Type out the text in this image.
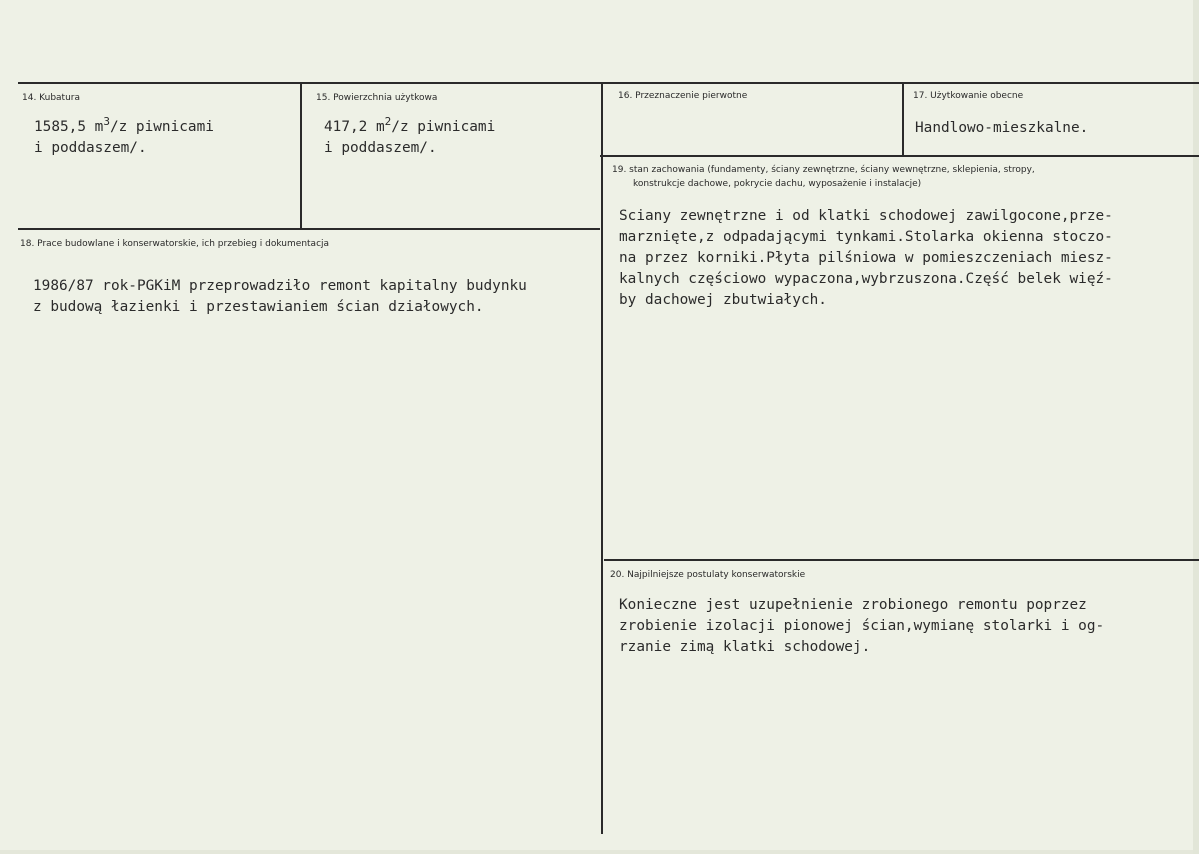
14. Kubatura
1585,5 $m^3/z$ piwnicami
i poddaszem/.
15. Powierzchnia użytkowa
417,2 $m^2/z$ piwnicami
i poddaszem/.
16. Przeznaczenie pierwotne	17. Użytkowanie obecne
Handlowo-mieszkalne.
18. Prace budowlane i konserwatorskie, ich przebieg i dokumentacja
1986/87 rok-PGKiM przeprowadziło remont kapitalny budynku
z budową łazienki i przestawianiem ścian działowych.
19. stan zachowania (fundamenty, ściany zewnętrzne, ściany wewnętrzne, sklepienia, stropy,
konstrukcje dachowe, pokrycie dachu, wyposażenie i instalacje)
Sciany zewnętrzne i od klatki schodowej zawilgocone,prze-
marznięte,z odpadającymi tynkami.Stolarka okienna stoczo-
na przez korniki.Płyta pilśniowa w pomieszczeniach miesz-
kalnych częściowo wypaczona,wybrzuszona.Część belek więź-
by dachowej zbutwiałych.
20. Najpilniejsze postulaty konserwatorskie
Konieczne jest uzupełnienie zrobionego remontu poprzez
zrobienie izolacji pionowej ścian,wymianę stolarki i og-
rzanie zimą klatki schodowej.
